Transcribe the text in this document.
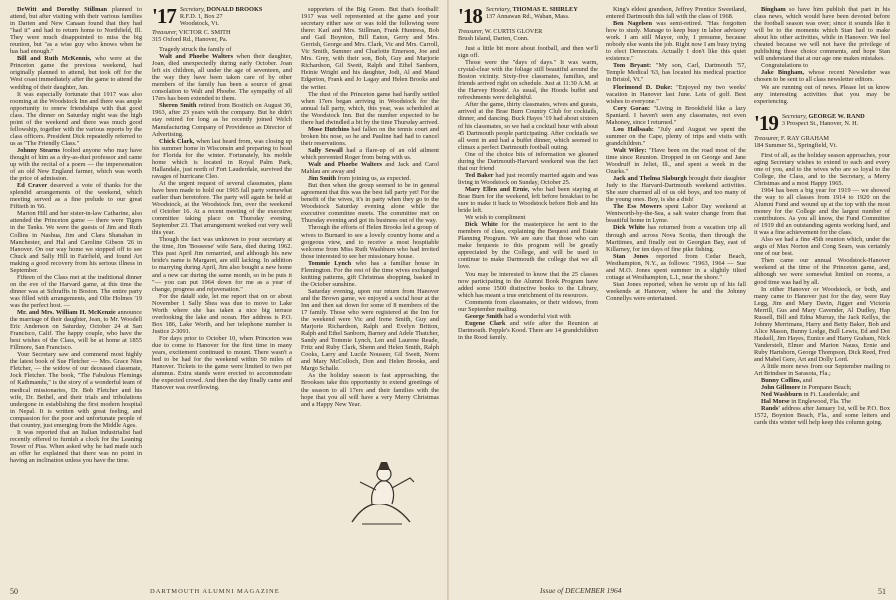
DeWitt and Dorothy Stillman planned to attend, but after visiting with their various families in Darien and New Canaan found that they had "had it" and had to return home to Northfield, Ill. They were much disappointed to miss the big reunion, but "as a wise guy who knows when he has had enough."

Bill and Ruth McKennis, who were at the Princeton game the previous weekend, had originally planned to attend, but took off for the West coast immediately after the game to attend the wedding of their daughter, Jan.

It was especially fortunate that 1917 was also rooming at the Woodstock Inn and there was ample opportunity to renew friendships with that good class. The dinner on Saturday night was the high point of the weekend and there was much good fellowship, together with the various reports by the class officers. President Dick repeatedly referred to us as "The Friendly Class."

Johnny Stearns foolied anyone who may have thought of him as a dry-as-dust professor and came up with the recital of a poem — the impersonation of an old New England farmer, which was worth the price of admission.

Ed Craver deserved a vote of thanks for the splendid arrangements of the weekend, which meeting served as a fine prelude to our great Fiftieth in '66.

Marion Hill and her sister-in-law Catharine, also attended the Princeton game — there were Tigers in the Tanks. We were the guests of Jim and Ruth Collins in Nashua, Jim and Clara Shanahan in Manchester, and Hal and Caroline Gibson '26 in Hanover. On our way home we stopped off to see Chuck and Sally Hill in Fairfield, and found Art making a good recovery from his serious illness in September.

Fifteen of the Class met at the traditional dinner on the eve of the Harvard game, at this time the dinner was at Schraffts in Boston. The entire party was filled with arrangements, and Olie Holmes '19 was the perfect host. —

Mr. and Mrs. William H. McKenzie announce the marriage of their daughter, Jean, to Mr. Woodell Eric Anderson on Saturday, October 24 at San Francisco, Calif. The happy couple, who have the best wishes of the Class, will be at home at 1855 Fillmore, San Francisco.

Your Secretary saw and commend most highly the latest book of Sue Fletcher — Mrs. Grace Nies Fletcher, — the widow of our deceased classmate, Jock Fletcher. The book, "The Fabulous Flemings of Kathmandu," is the story of a wonderful team of medical missionaries, Dr. Bob Fletcher and his wife, Dr. Bethel, and their trials and tribulations undergone in establishing the first modern hospital in Nepal. It is written with great feeling, and compassion for the poor and unfortunate people of that country, just emerging from the Middle Ages.

It was reported that an Italian industrialist had recently offered to furnish a clock for the Leaning Tower of Pisa. When asked why he had made such an offer he explained that there was no point in having an inclination unless you have the time.

'17 Secretary, DONALD BROOKS
R.F.D. 1, Box 27
Woodstock, Vt.
Treasurer, VICTOR C. SMITH
315 Oxford Rd., Hanover, Pa.

Tragedy struck the family of

Walt and Phoebe Walters when their daughter, Joan, died unexpectedly during early October. Joan left six children, all under the age of seventeen, and the way they have been taken care of by other members of the family has been a source of great consolation to Walt and Phoebe. The sympathy of all 17ers has been extended to them.

Sheren Smith retired from Bostitch on August 30, 1963, after 23 years with the company. But he didn't stay retired for long as he recently joined Welch Manufacturing Company of Providence as Director of Advertising.

Chick Clark, when last heard from, was closing up his summer home in Wisconsin and preparing to head for Florida for the winter. Fortunately, his mobile home which is located in Royal Palm Park, Hallandale, just north of Fort Lauderdale, survived the ravages of hurricane Cleo.

At the urgent request of several classmates, plans have been made to hold our 1965 fall party somewhat earlier than heretofore. The party will again be held at Woodstock, at the Woodstock Inn, over the weekend of October 16. At a recent meeting of the executive committee taking place on Thursday evening, September 23. That arrangement worked out very well this year.

Though the fact was unknown to your secretary at the time, Jim 'Bosseese' wife Sara, died during 1962. This past April Jim remarried, and although his new bride's name is Margaret, are still lacking. In addition to marrying during April, Jim also bought a new home and a new car during the same month, so in he puts it "— you can put 1964 down for me as a year of change, progress and rejuvenation."

For the datalf side, let me report that on or about November 1 Sally Shea was due to move to Lake Worth where she has taken a nice big terrace overlooking the lake and ocean. Her address is P.O. Box 186, Lake Worth, and her telephone number is Justice 2-3091.

For days prior to October 10, when Princeton was due to come to Hanover for the first time in many years, excitement continued to mount. There wasn't a bed to be had for the weekend within 50 miles of Hanover. Tickets to the game were limited to two per alumnus. Extra stands were erected to accommodate the expected crowd. And then the day finally came and Hanover was overflowing.

supporters of the Big Green. But that's football! 1917 was well represented at the game and your secretary either saw or was told the following were there: Karl and Mrs. Stillman, Frank Huntress, Bob and Gail Boynton, Bill Eaton, Gerry and Mrs. Gerrish, George and Mrs. Clark, Vic and Mrs. Carroll, Vic Smith, Sumner and Charlotte Emerson, Joe and Mrs. Grey, with their son, Bob, Guy and Marjorie Richardson, Gil Swett, Ralph and Ethel Sanborn, Heinie Wright and his daughter, Jodi, Al and Maud Edgerton, Frank and Jo Lagay and Helen Brooks and the writer.

The dust of the Princeton game had hardly settled when 17ers began arriving in Woodstock for the annual fall party, which, this year, was scheduled at the Woodstock Inn. But the number expected to be there had dwindled a bit by the time Thursday arrived.

Mose Hutchins had fallen on the tennis court and broken his nose, so he and Pauline had had to cancel their reservations.

Sally Sewall had a flare-up of an old ailment which prevented Roger from being with us.

Walt and Phoebe Walters and Jack and Carol Mahlau are away and

Jim Smith from joining us, as expected.

But then when the group seemed to be in general agreement that this was the best fall party yet! For the benefit of the wives, it's in party when they go to the Woodstock Saturday evening alone while the executive committee meets. The committee met on Thursday evening and got its business out of the way.

Through the efforts of Helen Brooks led a group of wives to Burnard to see a lovely country home and a gorgeous view, and to receive a most hospitable welcome from Miss Ruth Washburn who had invited those interested to see her missionary house.

Tommie Lynch who has a familiar house in Flemington. For the rest of the time wives exchanged knitting patterns, gift Christmas shopping, basked in the October sunshine.

Saturday evening, upon our return from Hanover and the Brown game, we enjoyed a social hour at the Inn and then sat down for some of 8 members of the 17 family. Those who were registered at the Inn for the weekend were Vic and Irene Smith, Guy and Marjorie Richardson, Ralph and Evelyn Britton, Ralph and Ethel Sanborn, Barney and Adele Thatcher, Sandy and Tommie Lynch, Len and Laurene Reade, Fritz and Ruby Clark, Shenn and Helen Smith, Ralph Cooks, Larry and Lucile Nouseer, Gil Swett, Norm and Mary McColloch, Don and Helen Brooks, and Margo Schalle.

As the holiday season is fast approaching, the Brookses take this opportunity to extend greetings of the season to all 17ers and their families with the hope that you all will have a very Merry Christmas and a Happy New Year.

'18 Secretary, THOMAS E. SHIRLEY
137 Annawan Rd., Waban, Mass.
Treasurer, W. CURTIS GLOVER
Brush Island, Darien, Conn.

Just a little bit more about football, and then we'll sign off.

Those were the "days of days." It was warm, crystal-clear with the foliage still beautiful around the Boston vicinity. Sixty-five classmates, families, and friends arrived right on schedule. Just at 11:30 A.M. at the Harvey Hoods'. As usual, the Hoods buffet and refreshments were delightful.

After the game, thirty classmates, wives and guests, arrived at the Brae Burn Country Club for cocktails, dinner, and dancing. Buck Hayes '19 had about sixteen of his classmates, so we had a cocktail hour with about 45 Dartmouth people participating. After cocktails we all went in and had a buffet dinner, which seemed to climax a perfect Dartmouth football outing.

One of the choice bits of information we gleaned during the Dartmouth-Harvard weekend was the fact that our friend

Ted Baker had just recently married again and was living in Woodstock on Sunday, October 25.

Mary Ellen and Ernie, who had been staying at Brae Burn for the weekend, left before breakfast to be sure to make it back to Woodstock before Bob and his bride left.

We wish to compliment

Dick White for the masterpiece he sent to the members of class, explaining the Bequest and Estate Planning Program. We are sure that those who can make bequests to this program will be greatly appreciated by the College, and will be used to continue to make Dartmouth the college that we all love.

You may be interested to know that the 25 classes now participating in the Alumni Book Program have added some 1500 distinctive books to the Library, which has meant a true enrichment of its resources.

Comments from classmates, or their widows, from our September mailing.

George Smith had a wonderful visit with

Eugene Clark and wife after the Reunion at Dartmouth. Pepple's Kood. There are 14 grandchildren in the Rood family.

King's eldest grandson, Jeffrey Prentice Sweetland, entered Dartmouth this fall with the class of 1968.

Ben Nagelsen was semi-retired. "Has forgotten how to study. Manage to keep busy in labor advisory work. I am still Mayor, only, I presume, because nobody else wants the job. Right now I am busy trying to elect Democrats. Actually I don't like this quiet existence."

Tom Bryant: "My son, Carl, Dartmouth '57, Temple Medical '63, has located his medical practice in Bristol, Vt."

Florimond D. Duke: "Enjoyed my two weeks' vacation in Hanover last June. Lots of golf. Best wishes to everyone."

Cory Goran: "Living in Brookfield like a lazy Spaniard. I haven't seen any classmates, not even Mahoney, since I returned."

Lou Hallsaah: "July and August we spent the summer on the Cape, plenty of trips and visits with grandchildren."

Walt Wiley: "Have been on the road most of the time since Reunion. Dropped in on George and Jane Woodruff in Jeliet, Ill., and spent a week in the Ozarks."

Jack and Thelma Slaburgh brought their daughter Judy to the Harvard-Dartmouth weekend activities. She sure charmed all of us old boys, and too many of the young ones. Boy, is she a dish!

The Ess Mowers spent Labor Day weekend at Wentworth-by-the-Sea, a salt water change from that beautiful home in Lyme.

Dick White has returned from a vacation trip all through and across Nova Scotia, then through the Maritimes, and finally out to Georgian Bay, east of Killarney, for ten days of fine pike fishing.

Stan Jones reported from Cedar Beach, Westhampton, N.Y., as follows: "1963, 1964 — Sue and M.O. Jones spent summer in a slightly tilted cottage at Westhampton, L.I., near the shore."

Stan Jones reported, when he wrote up of his fall weekends at Hanover, where he and the Johnny Connellys were entertained.

Bingham so have him publish that part in his class news, which would have been devoted before the football season was over; since it sounds like it will be to the moments which Stan had to make about his other activities, while in Hanover. We feel cheated because we will not have the privilege of publishing those choice comments, and hope Stan will understand that at our age one makes mistakes.

Congratulations to

Jake Bingham, whose recent Newsletter was chosen to be sent to all class newsletter editors.

We are running out of news. Please let us know any interesting activities that you may be experiencing.

'19 Secretary, GEORGE W. RAND
3 Prospect St., Hanover, N. H.
Treasurer, F. RAY GRAHAM
184 Summer St., Springfield, Vt.

First of all, as the holiday season approaches, your aging Secretary wishes to extend to each and every one of you, and to the wives who are so loyal to the College, the Class, and to the Secretary, a Merry Christmas and a most Happy 1965.

1964 has been a big year for 1919 — we showed the way to all classes from 1914 to 1920 on the Alumni Fund and wound up at the top with the most money for the College and the largest number of contributors. As you all know, the Fund Committee of 1919 did an outstanding agents working hard, and it was a fine achievement for the class.

Also we had a fine 45th reunion which, under the aegis of Max Norton and Cong Sears, was certainly one of our best.

Then came our annual Woodstock-Hanover weekend at the time of the Princeton game, and, although we were somewhat limited on rooms, a good time was had by all.

In either Hanover or Woodstock, or both, and many came to Hanover just for the day, were Ray Legg, Jim and Mary Davin, Jigger and Victoria Merrill, Gus and Mary Cavender, Al Dudley, Hap Russell, Bill and Edna Murray, the Jack Kellys, the Johnny Merrimans, Harry and Betty Baker, Bob and Alice Mason, Bunny Lodge, Bull Lewis, Ed and Dot Haskell, Jim Hayes, Eunice and Harry Graham, Nick Vanderstelt, Elmer and Marion Nauss, Ernie and Ruby Hartshorn, George Thompson, Dick Reed, Fred and Mabel Gere, Art and Dolly Lord.

A little more news from our September mailing to Art Brindsee in Sarasota, Fla.;

Bunny Collins, and

John Gillmore in Pompano Beach;

Ned Washburn in Ft. Lauderdale; and

Hal Morse in Englewood, Fla. The

Rands' address after January 1st, will be P.O. Box 1572, Boynton Beach, Fla., and some letters and cards this winter will help keep this column going.

50	DARTMOUTH ALUMNI MAGAZINE	Issue of DECEMBER 1964	51
